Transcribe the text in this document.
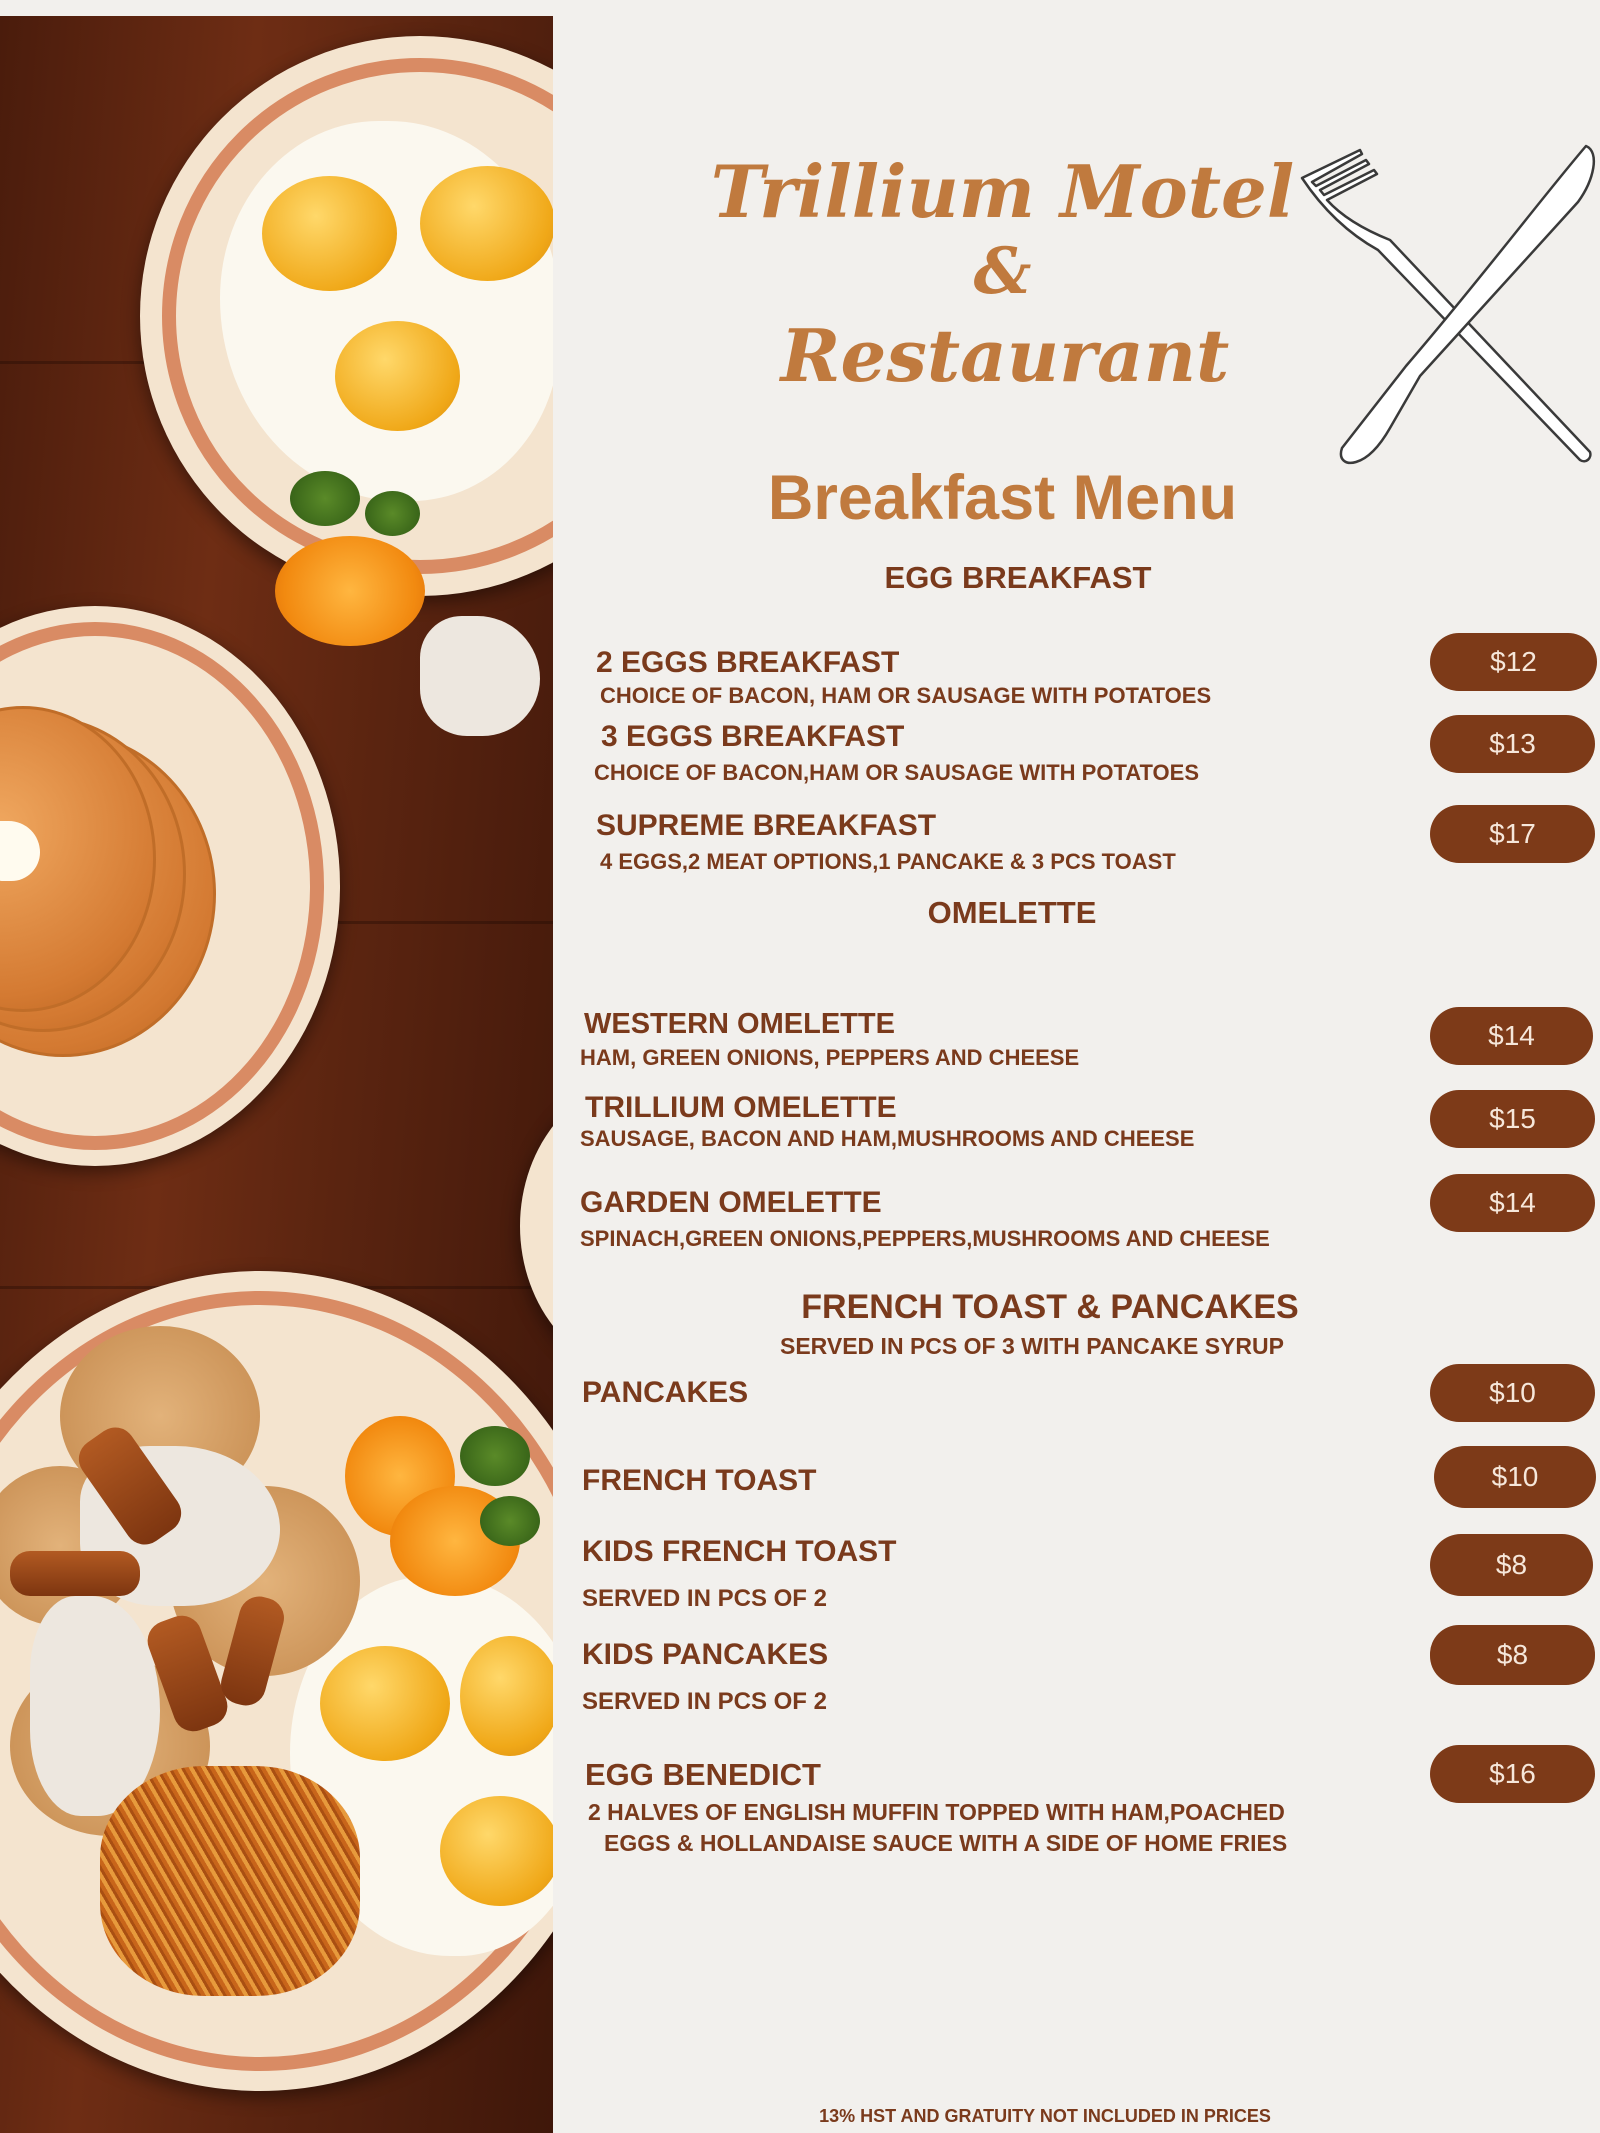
Trillium Motel
&
Restaurant
Breakfast Menu
EGG BREAKFAST
2 EGGS BREAKFAST
CHOICE OF BACON, HAM OR SAUSAGE WITH POTATOES
$12
3 EGGS BREAKFAST
CHOICE OF BACON,HAM OR SAUSAGE WITH POTATOES
$13
SUPREME BREAKFAST
4 EGGS,2 MEAT OPTIONS,1 PANCAKE & 3 PCS TOAST
$17
OMELETTE
WESTERN OMELETTE
HAM, GREEN ONIONS, PEPPERS AND CHEESE
$14
TRILLIUM OMELETTE
SAUSAGE, BACON AND HAM,MUSHROOMS AND CHEESE
$15
GARDEN OMELETTE
SPINACH,GREEN ONIONS,PEPPERS,MUSHROOMS AND CHEESE
$14
FRENCH TOAST & PANCAKES
SERVED IN PCS OF 3 WITH PANCAKE SYRUP
PANCAKES	$10
FRENCH TOAST	$10
KIDS FRENCH TOAST
SERVED IN PCS OF 2
$8
KIDS PANCAKES
SERVED IN PCS OF 2
$8
EGG BENEDICT
2 HALVES OF ENGLISH MUFFIN TOPPED WITH HAM,POACHED
EGGS & HOLLANDAISE SAUCE WITH A SIDE OF HOME FRIES
$16
13% HST AND GRATUITY NOT INCLUDED IN PRICES
